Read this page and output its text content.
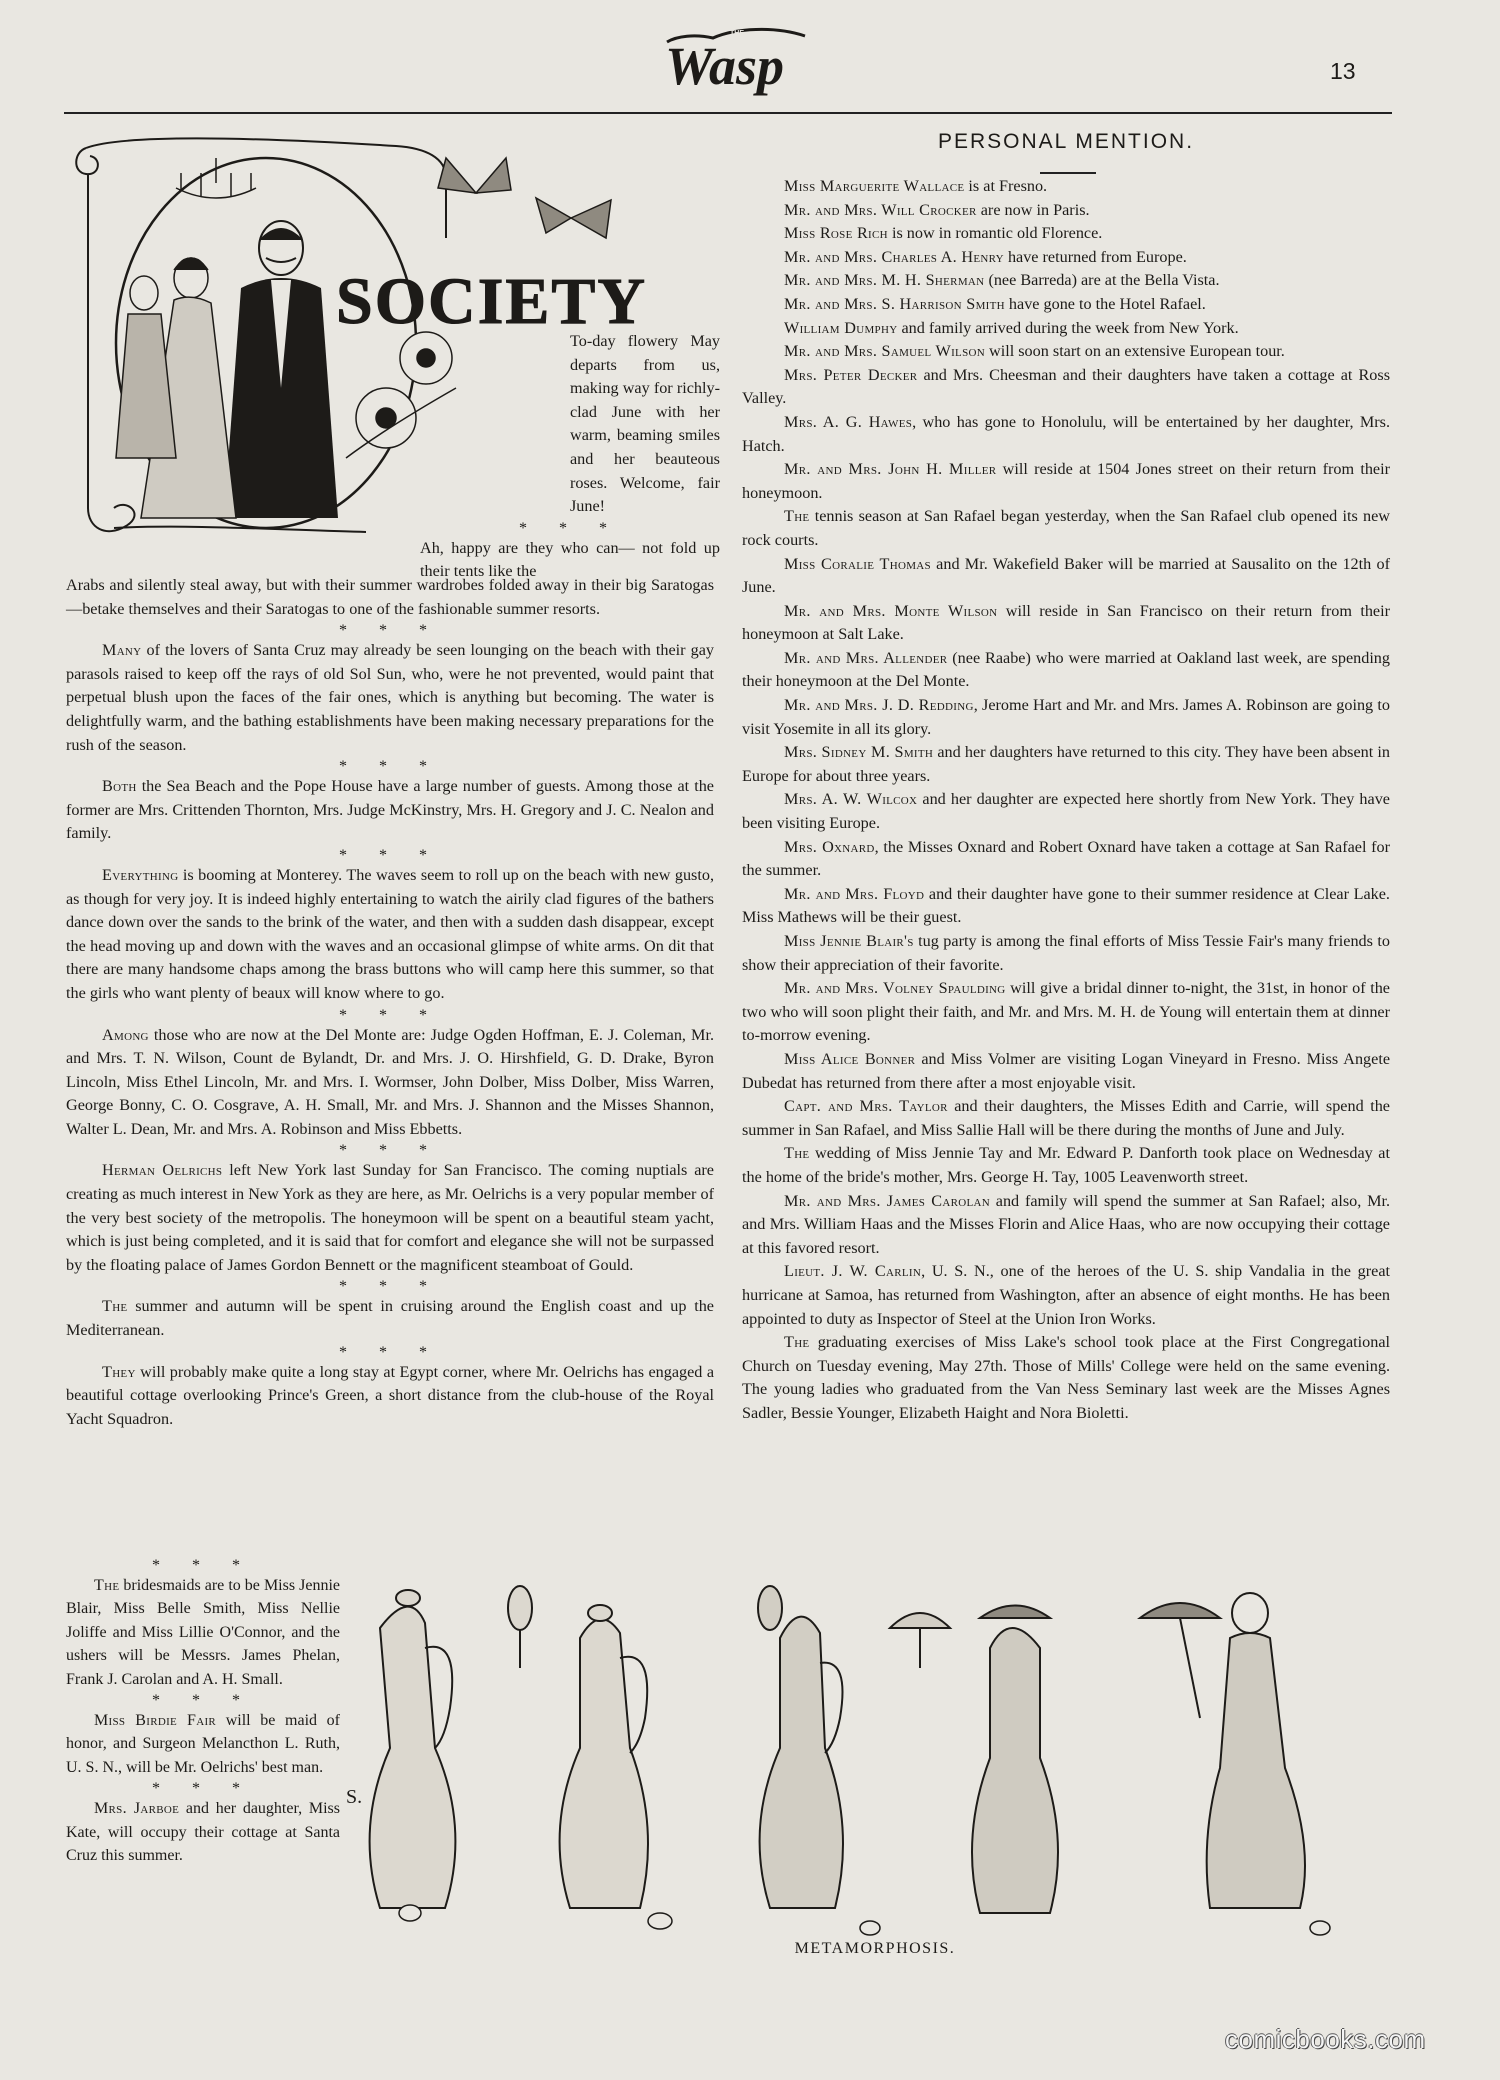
THE
Wasp	13
SOCIETY

To-day flowery May departs from us, making way for richly-clad June with her warm, beaming smiles and her beauteous roses. Welcome, fair June!

* * *

Ah, happy are they who can— not fold up their tents like the

Arabs and silently steal away, but with their summer wardrobes folded away in their big Saratogas—betake themselves and their Saratogas to one of the fashionable summer resorts.

* * *

Many of the lovers of Santa Cruz may already be seen lounging on the beach with their gay parasols raised to keep off the rays of old Sol Sun, who, were he not prevented, would paint that perpetual blush upon the faces of the fair ones, which is anything but becoming. The water is delightfully warm, and the bathing establishments have been making necessary preparations for the rush of the season.

* * *

Both the Sea Beach and the Pope House have a large number of guests. Among those at the former are Mrs. Crittenden Thornton, Mrs. Judge McKinstry, Mrs. H. Gregory and J. C. Nealon and family.

* * *

Everything is booming at Monterey. The waves seem to roll up on the beach with new gusto, as though for very joy. It is indeed highly entertaining to watch the airily clad figures of the bathers dance down over the sands to the brink of the water, and then with a sudden dash disappear, except the head moving up and down with the waves and an occasional glimpse of white arms. On dit that there are many handsome chaps among the brass buttons who will camp here this summer, so that the girls who want plenty of beaux will know where to go.

* * *

Among those who are now at the Del Monte are: Judge Ogden Hoffman, E. J. Coleman, Mr. and Mrs. T. N. Wilson, Count de Bylandt, Dr. and Mrs. J. O. Hirshfield, G. D. Drake, Byron Lincoln, Miss Ethel Lincoln, Mr. and Mrs. I. Wormser, John Dolber, Miss Dolber, Miss Warren, George Bonny, C. O. Cosgrave, A. H. Small, Mr. and Mrs. J. Shannon and the Misses Shannon, Walter L. Dean, Mr. and Mrs. A. Robinson and Miss Ebbetts.

* * *

Herman Oelrichs left New York last Sunday for San Francisco. The coming nuptials are creating as much interest in New York as they are here, as Mr. Oelrichs is a very popular member of the very best society of the metropolis. The honeymoon will be spent on a beautiful steam yacht, which is just being completed, and it is said that for comfort and elegance she will not be surpassed by the floating palace of James Gordon Bennett or the magnificent steamboat of Gould.

* * *

The summer and autumn will be spent in cruising around the English coast and up the Mediterranean.

* * *

They will probably make quite a long stay at Egypt corner, where Mr. Oelrichs has engaged a beautiful cottage overlooking Prince's Green, a short distance from the club-house of the Royal Yacht Squadron.

* * *

The bridesmaids are to be Miss Jennie Blair, Miss Belle Smith, Miss Nellie Joliffe and Miss Lillie O'Connor, and the ushers will be Messrs. James Phelan, Frank J. Carolan and A. H. Small.

* * *

Miss Birdie Fair will be maid of honor, and Surgeon Melancthon L. Ruth, U. S. N., will be Mr. Oelrichs' best man.

* * *

Mrs. Jarboe and her daughter, Miss Kate, will occupy their cottage at Santa Cruz this summer.

PERSONAL MENTION.

Miss Marguerite Wallace is at Fresno.

Mr. and Mrs. Will Crocker are now in Paris.

Miss Rose Rich is now in romantic old Florence.

Mr. and Mrs. Charles A. Henry have returned from Europe.

Mr. and Mrs. M. H. Sherman (nee Barreda) are at the Bella Vista.

Mr. and Mrs. S. Harrison Smith have gone to the Hotel Rafael.

William Dumphy and family arrived during the week from New York.

Mr. and Mrs. Samuel Wilson will soon start on an extensive European tour.

Mrs. Peter Decker and Mrs. Cheesman and their daughters have taken a cottage at Ross Valley.

Mrs. A. G. Hawes, who has gone to Honolulu, will be entertained by her daughter, Mrs. Hatch.

Mr. and Mrs. John H. Miller will reside at 1504 Jones street on their return from their honeymoon.

The tennis season at San Rafael began yesterday, when the San Rafael club opened its new rock courts.

Miss Coralie Thomas and Mr. Wakefield Baker will be married at Sausalito on the 12th of June.

Mr. and Mrs. Monte Wilson will reside in San Francisco on their return from their honeymoon at Salt Lake.

Mr. and Mrs. Allender (nee Raabe) who were married at Oakland last week, are spending their honeymoon at the Del Monte.

Mr. and Mrs. J. D. Redding, Jerome Hart and Mr. and Mrs. James A. Robinson are going to visit Yosemite in all its glory.

Mrs. Sidney M. Smith and her daughters have returned to this city. They have been absent in Europe for about three years.

Mrs. A. W. Wilcox and her daughter are expected here shortly from New York. They have been visiting Europe.

Mrs. Oxnard, the Misses Oxnard and Robert Oxnard have taken a cottage at San Rafael for the summer.

Mr. and Mrs. Floyd and their daughter have gone to their summer residence at Clear Lake. Miss Mathews will be their guest.

Miss Jennie Blair's tug party is among the final efforts of Miss Tessie Fair's many friends to show their appreciation of their favorite.

Mr. and Mrs. Volney Spaulding will give a bridal dinner to-night, the 31st, in honor of the two who will soon plight their faith, and Mr. and Mrs. M. H. de Young will entertain them at dinner to-morrow evening.

Miss Alice Bonner and Miss Volmer are visiting Logan Vineyard in Fresno. Miss Angete Dubedat has returned from there after a most enjoyable visit.

Capt. and Mrs. Taylor and their daughters, the Misses Edith and Carrie, will spend the summer in San Rafael, and Miss Sallie Hall will be there during the months of June and July.

The wedding of Miss Jennie Tay and Mr. Edward P. Danforth took place on Wednesday at the home of the bride's mother, Mrs. George H. Tay, 1005 Leavenworth street.

Mr. and Mrs. James Carolan and family will spend the summer at San Rafael; also, Mr. and Mrs. William Haas and the Misses Florin and Alice Haas, who are now occupying their cottage at this favored resort.

Lieut. J. W. Carlin, U. S. N., one of the heroes of the U. S. ship Vandalia in the great hurricane at Samoa, has returned from Washington, after an absence of eight months. He has been appointed to duty as Inspector of Steel at the Union Iron Works.

The graduating exercises of Miss Lake's school took place at the First Congregational Church on Tuesday evening, May 27th. Those of Mills' College were held on the same evening. The young ladies who graduated from the Van Ness Seminary last week are the Misses Agnes Sadler, Bessie Younger, Elizabeth Haight and Nora Bioletti.

S.
METAMORPHOSIS.
comicbooks.com
